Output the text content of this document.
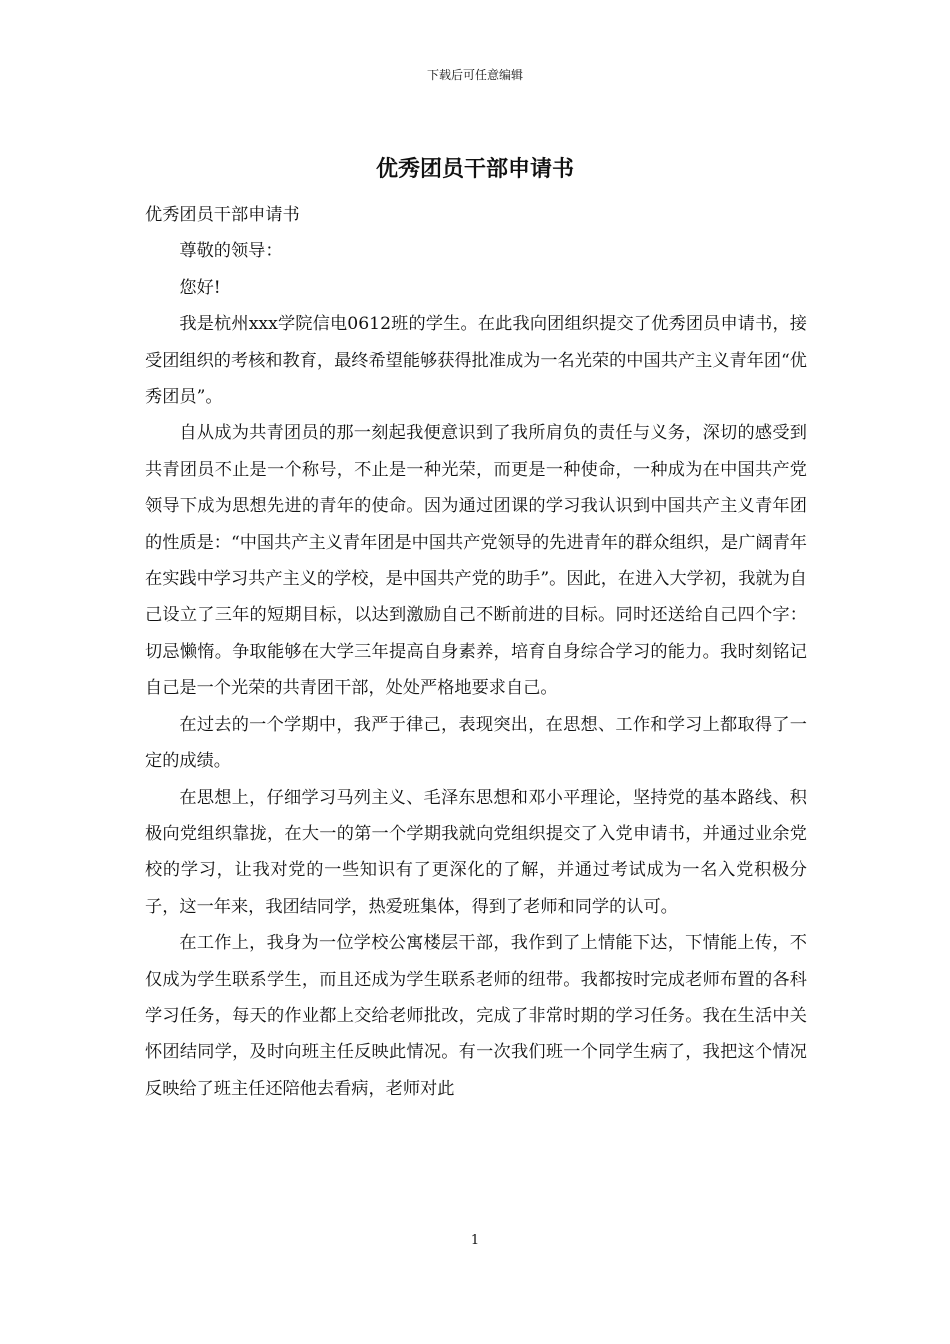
下载后可任意编辑
优秀团员干部申请书

优秀团员干部申请书

尊敬的领导：

您好!

我是杭州xxx学院信电0612班的学生。在此我向团组织提交了优秀团员申请书，接受团组织的考核和教育，最终希望能够获得批准成为一名光荣的中国共产主义青年团“优秀团员”。

自从成为共青团员的那一刻起我便意识到了我所肩负的责任与义务，深切的感受到共青团员不止是一个称号，不止是一种光荣，而更是一种使命，一种成为在中国共产党领导下成为思想先进的青年的使命。因为通过团课的学习我认识到中国共产主义青年团的性质是：“中国共产主义青年团是中国共产党领导的先进青年的群众组织，是广阔青年在实践中学习共产主义的学校，是中国共产党的助手”。因此，在进入大学初，我就为自己设立了三年的短期目标，以达到激励自己不断前进的目标。同时还送给自己四个字：切忌懒惰。争取能够在大学三年提高自身素养，培育自身综合学习的能力。我时刻铭记自己是一个光荣的共青团干部，处处严格地要求自己。

在过去的一个学期中，我严于律己，表现突出，在思想、工作和学习上都取得了一定的成绩。

在思想上，仔细学习马列主义、毛泽东思想和邓小平理论，坚持党的基本路线、积极向党组织靠拢，在大一的第一个学期我就向党组织提交了入党申请书，并通过业余党校的学习，让我对党的一些知识有了更深化的了解，并通过考试成为一名入党积极分子，这一年来，我团结同学，热爱班集体，得到了老师和同学的认可。

在工作上，我身为一位学校公寓楼层干部，我作到了上情能下达，下情能上传，不仅成为学生联系学生，而且还成为学生联系老师的纽带。我都按时完成老师布置的各科学习任务，每天的作业都上交给老师批改，完成了非常时期的学习任务。我在生活中关怀团结同学，及时向班主任反映此情况。有一次我们班一个同学生病了，我把这个情况反映给了班主任还陪他去看病，老师对此

1
